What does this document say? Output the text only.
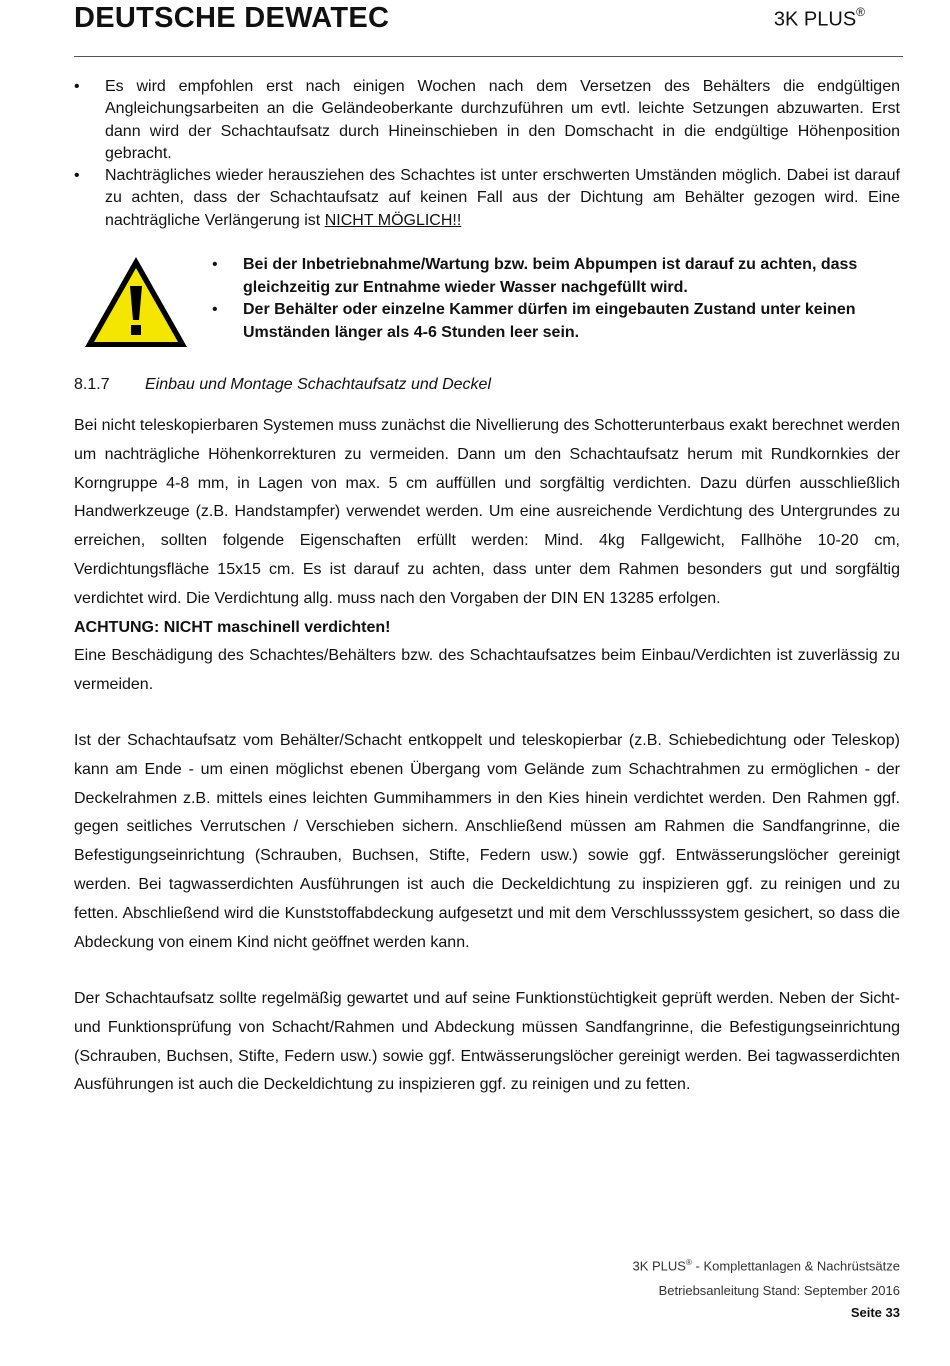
DEUTSCHE DEWATEC	3K PLUS®
• Es wird empfohlen erst nach einigen Wochen nach dem Versetzen des Behälters die endgültigen Angleichungsarbeiten an die Geländeoberkante durchzuführen um evtl. leichte Setzungen abzuwarten. Erst dann wird der Schachtaufsatz durch Hineinschieben in den Domschacht in die endgültige Höhenposition gebracht.
• Nachträgliches wieder herausziehen des Schachtes ist unter erschwerten Umständen möglich. Dabei ist darauf zu achten, dass der Schachtaufsatz auf keinen Fall aus der Dichtung am Behälter gezogen wird. Eine nachträgliche Verlängerung ist NICHT MÖGLICH!!
• Bei der Inbetriebnahme/Wartung bzw. beim Abpumpen ist darauf zu achten, dass gleichzeitig zur Entnahme wieder Wasser nachgefüllt wird.
• Der Behälter oder einzelne Kammer dürfen im eingebauten Zustand unter keinen Umständen länger als 4-6 Stunden leer sein.
8.1.7 Einbau und Montage Schachtaufsatz und Deckel

Bei nicht teleskopierbaren Systemen muss zunächst die Nivellierung des Schotterunterbaus exakt berechnet werden um nachträgliche Höhenkorrekturen zu vermeiden. Dann um den Schachtaufsatz herum mit Rundkornkies der Korngruppe 4-8 mm, in Lagen von max. 5 cm auffüllen und sorgfältig verdichten. Dazu dürfen ausschließlich Handwerkzeuge (z.B. Handstampfer) verwendet werden. Um eine ausreichende Verdichtung des Untergrundes zu erreichen, sollten folgende Eigenschaften erfüllt werden: Mind. 4kg Fallgewicht, Fallhöhe 10-20 cm, Verdichtungsfläche 15x15 cm. Es ist darauf zu achten, dass unter dem Rahmen besonders gut und sorgfältig verdichtet wird. Die Verdichtung allg. muss nach den Vorgaben der DIN EN 13285 erfolgen.
ACHTUNG: NICHT maschinell verdichten!
Eine Beschädigung des Schachtes/Behälters bzw. des Schachtaufsatzes beim Einbau/Verdichten ist zuverlässig zu vermeiden.

Ist der Schachtaufsatz vom Behälter/Schacht entkoppelt und teleskopierbar (z.B. Schiebedichtung oder Teleskop) kann am Ende - um einen möglichst ebenen Übergang vom Gelände zum Schachtrahmen zu ermöglichen - der Deckelrahmen z.B. mittels eines leichten Gummihammers in den Kies hinein verdichtet werden. Den Rahmen ggf. gegen seitliches Verrutschen / Verschieben sichern. Anschließend müssen am Rahmen die Sandfangrinne, die Befestigungseinrichtung (Schrauben, Buchsen, Stifte, Federn usw.) sowie ggf. Entwässerungslöcher gereinigt werden. Bei tagwasserdichten Ausführungen ist auch die Deckeldichtung zu inspizieren ggf. zu reinigen und zu fetten. Abschließend wird die Kunststoffabdeckung aufgesetzt und mit dem Verschlusssystem gesichert, so dass die Abdeckung von einem Kind nicht geöffnet werden kann.

Der Schachtaufsatz sollte regelmäßig gewartet und auf seine Funktionstüchtigkeit geprüft werden. Neben der Sicht- und Funktionsprüfung von Schacht/Rahmen und Abdeckung müssen Sandfangrinne, die Befestigungseinrichtung (Schrauben, Buchsen, Stifte, Federn usw.) sowie ggf. Entwässerungslöcher gereinigt werden. Bei tagwasserdichten Ausführungen ist auch die Deckeldichtung zu inspizieren ggf. zu reinigen und zu fetten.

3K PLUS® - Komplettanlagen & Nachrüstsätze
Betriebsanleitung Stand: September 2016
Seite 33
